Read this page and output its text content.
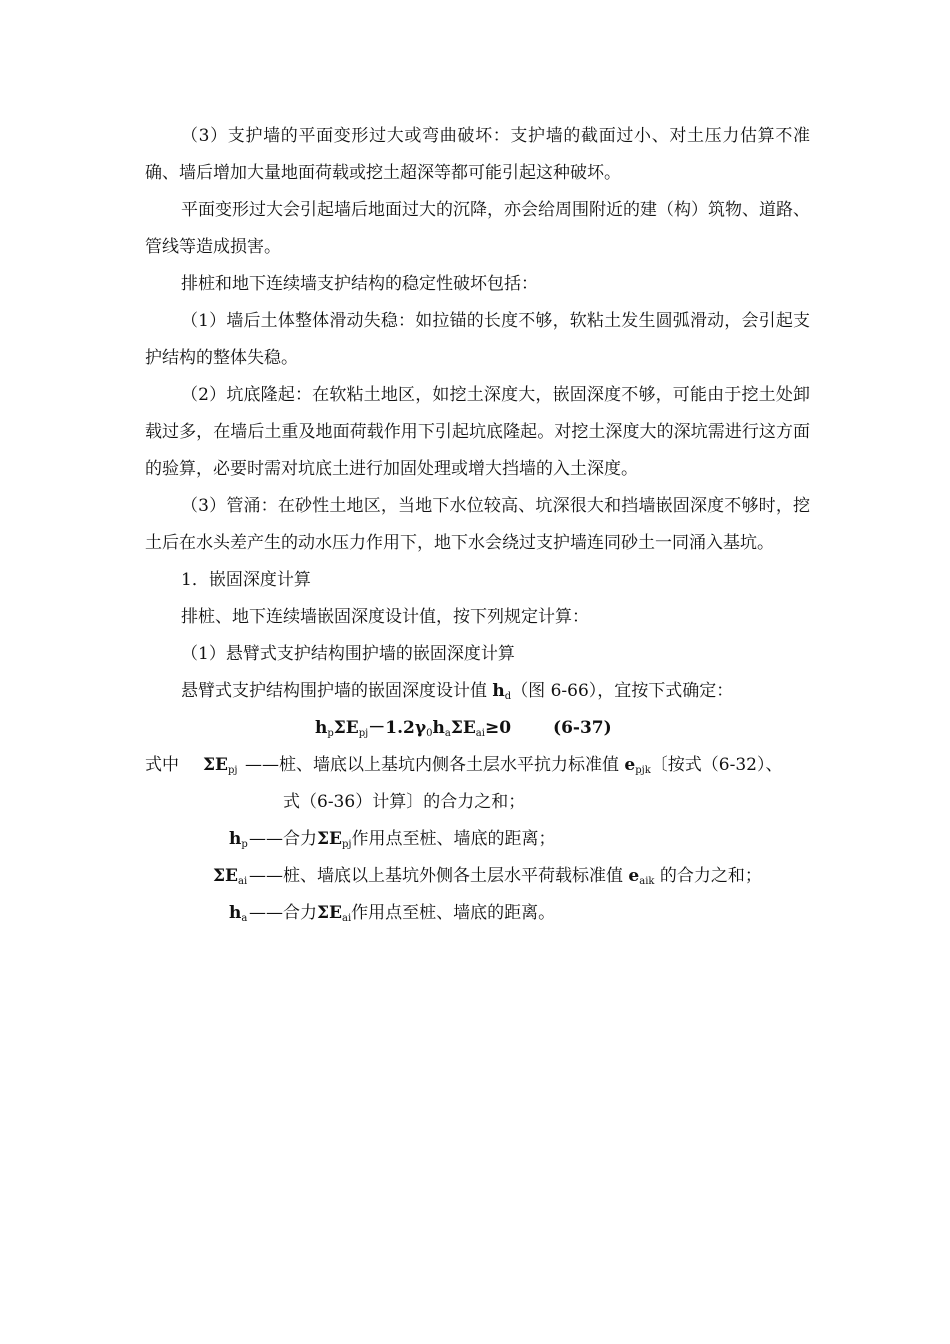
（3）支护墙的平面变形过大或弯曲破坏：支护墙的截面过小、对土压力估算不准确、墙后增加大量地面荷载或挖土超深等都可能引起这种破坏。

平面变形过大会引起墙后地面过大的沉降，亦会给周围附近的建（构）筑物、道路、管线等造成损害。

排桩和地下连续墙支护结构的稳定性破坏包括：

（1）墙后土体整体滑动失稳：如拉锚的长度不够，软粘土发生圆弧滑动，会引起支护结构的整体失稳。

（2）坑底隆起：在软粘土地区，如挖土深度大，嵌固深度不够，可能由于挖土处卸载过多，在墙后土重及地面荷载作用下引起坑底隆起。对挖土深度大的深坑需进行这方面的验算，必要时需对坑底土进行加固处理或增大挡墙的入土深度。

（3）管涌：在砂性土地区，当地下水位较高、坑深很大和挡墙嵌固深度不够时，挖土后在水头差产生的动水压力作用下，地下水会绕过支护墙连同砂土一同涌入基坑。

1．嵌固深度计算

排桩、地下连续墙嵌固深度设计值，按下列规定计算：

（1）悬臂式支护结构围护墙的嵌固深度计算

悬臂式支护结构围护墙的嵌固深度设计值 $h_d$（图 6-66），宜按下式确定：

$h_p\Sigma E_{pj}-1.2\gamma_0h_a\Sigma E_{ai}\ge 0$ (6-37)

式中 $\Sigma E_{pj}$ ——桩、墙底以上基坑内侧各土层水平抗力标准值 $e_{pjk}$〔按式（6-32）、
式（6-36）计算〕的合力之和；
$h_p$ ——合力$\Sigma E_{pj}$作用点至桩、墙底的距离；
$\Sigma E_{ai}$ ——桩、墙底以上基坑外侧各土层水平荷载标准值 $e_{aik}$ 的合力之和；
$h_a$ ——合力$\Sigma E_{ai}$作用点至桩、墙底的距离。
